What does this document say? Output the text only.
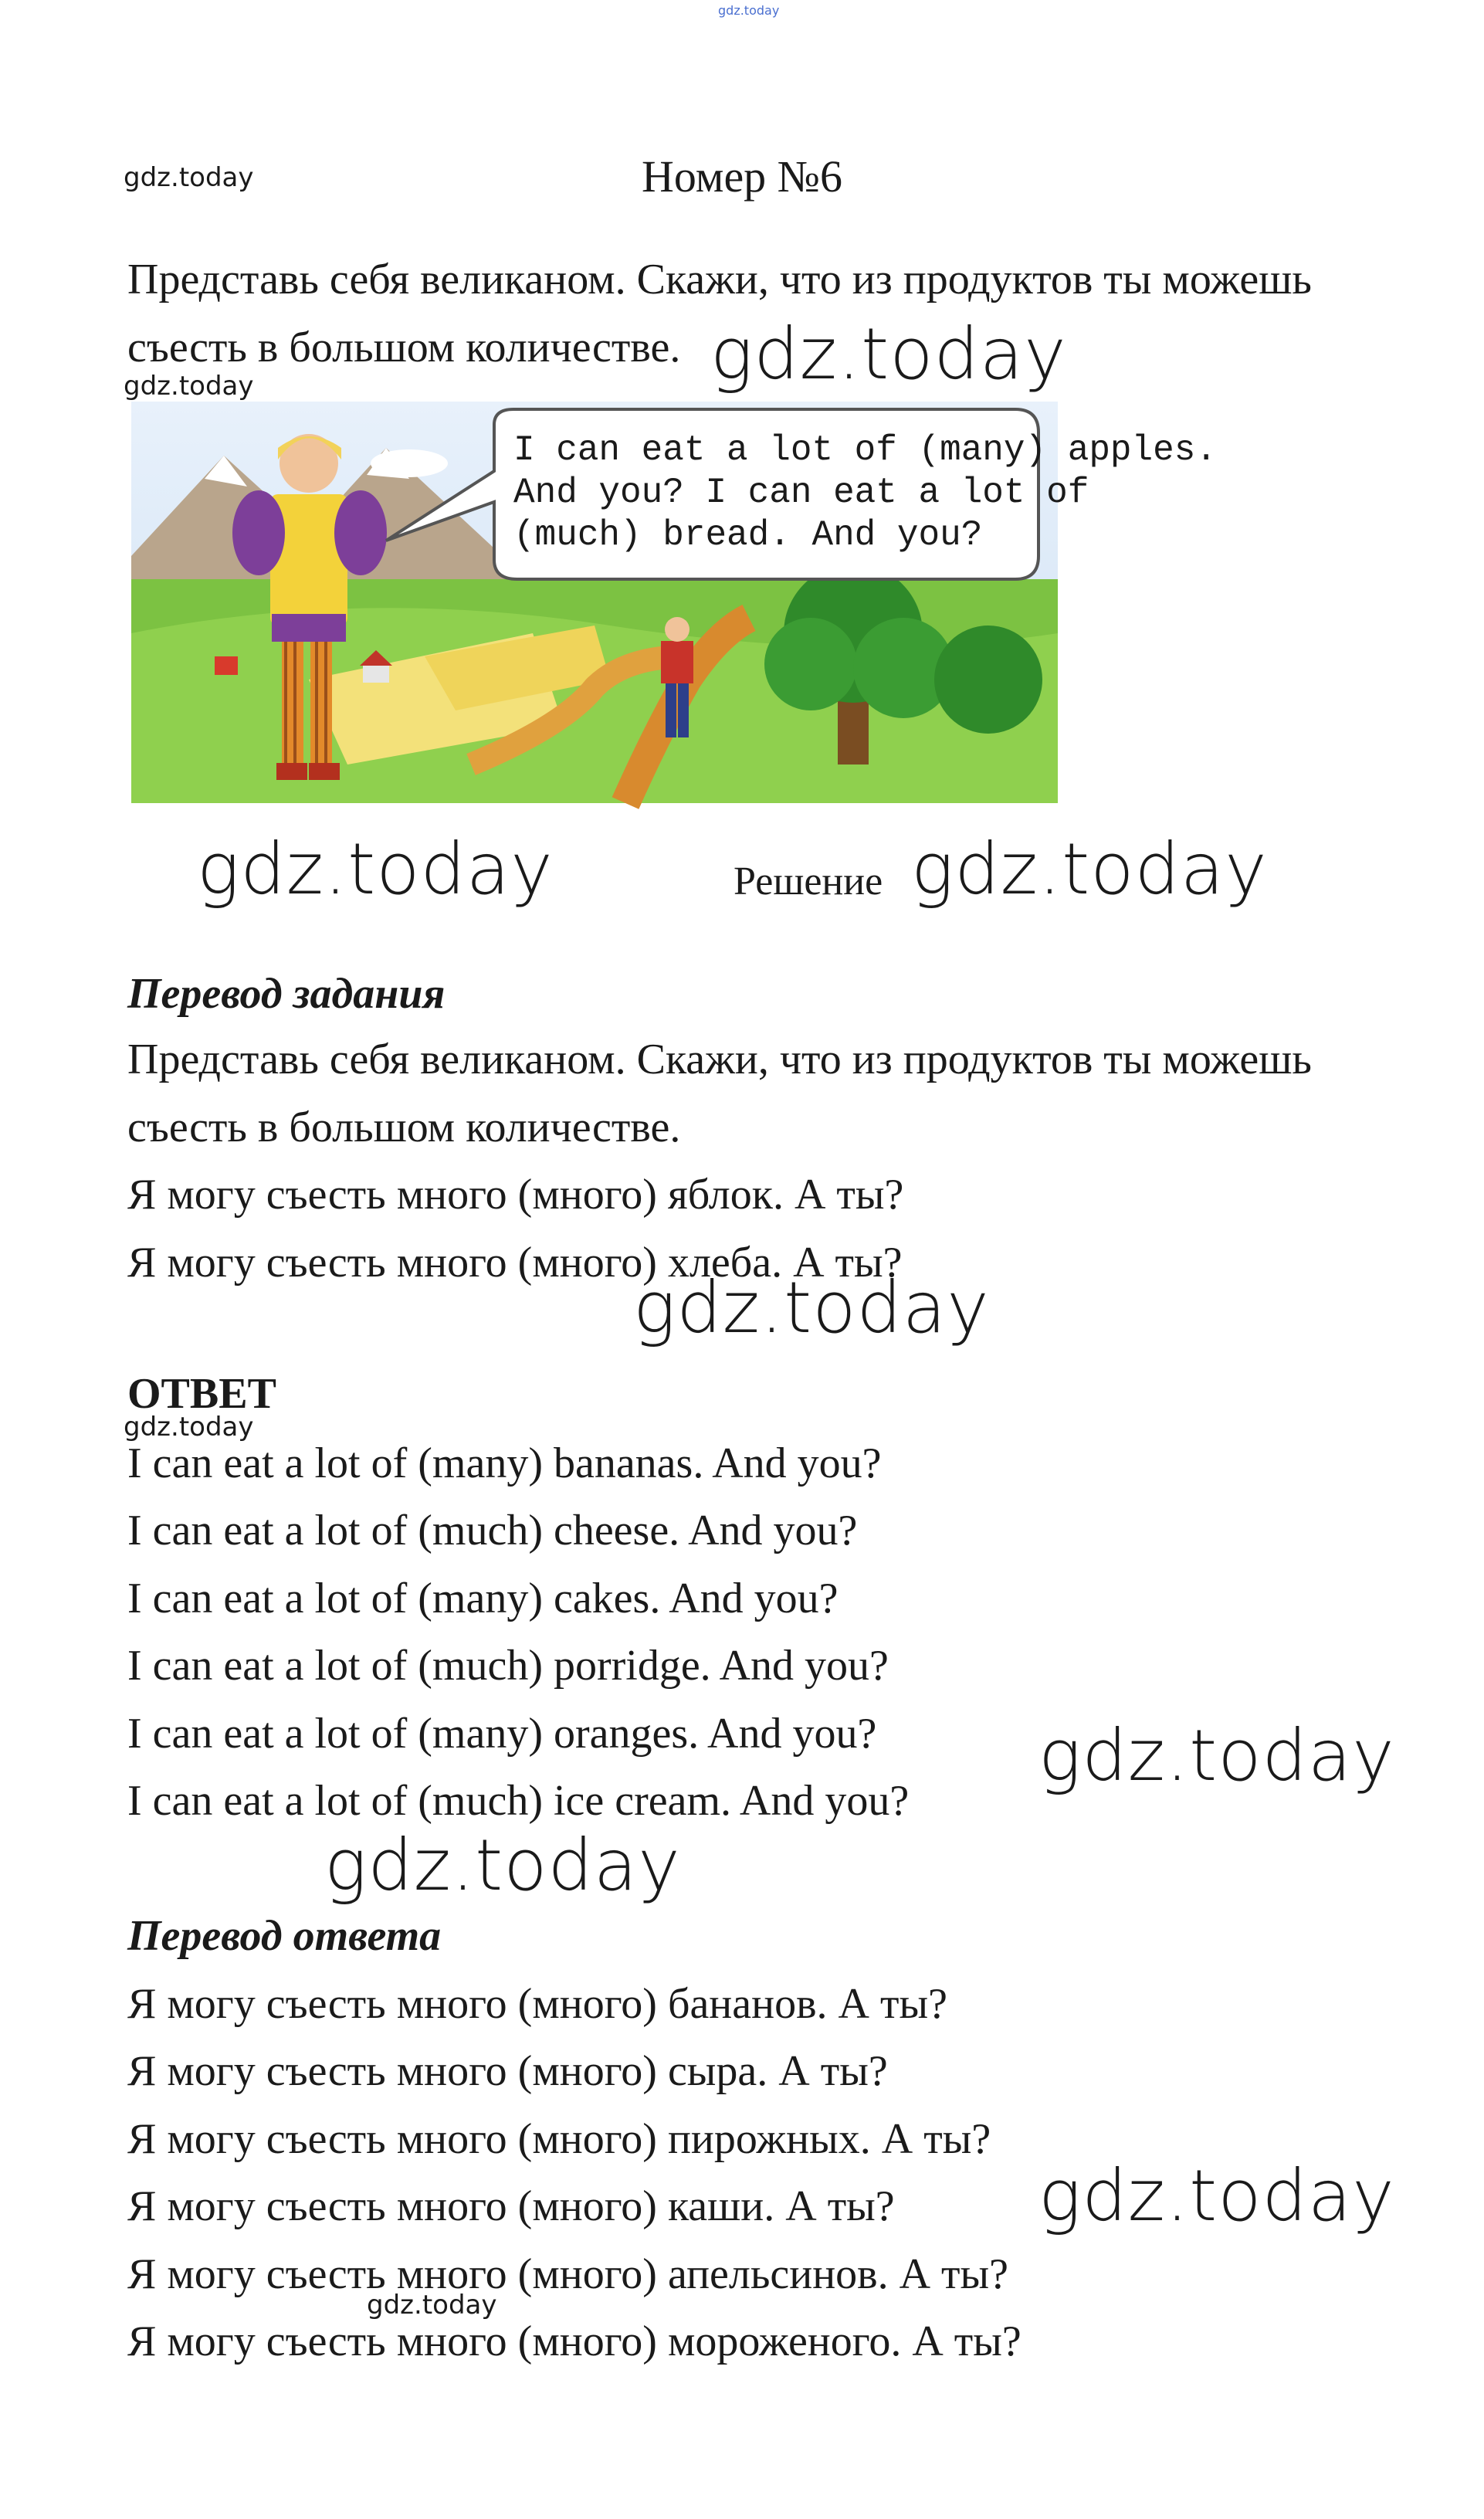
gdz.today
gdz.today
gdz.today
gdz.today
gdz.today	gdz.today
gdz.today
gdz.today
gdz.today
gdz.today
gdz.today
gdz.today
Номер №6
Представь себя великаном. Скажи, что из продуктов ты можешь
съесть в большом количестве.
I can eat a lot of (many) apples.
And you? I can eat a lot of
(much) bread. And you?
Решение
Перевод задания
Представь себя великаном. Скажи, что из продуктов ты можешь
съесть в большом количестве.
Я могу съесть много (много) яблок. А ты?
Я могу съесть много (много) хлеба. А ты?
ОТВЕТ
I can eat a lot of (many) bananas. And you?
I can eat a lot of (much) cheese. And you?
I can eat a lot of (many) cakes. And you?
I can eat a lot of (much) porridge. And you?
I can eat a lot of (many) oranges. And you?
I can eat a lot of (much) ice cream. And you?
Перевод ответа
Я могу съесть много (много) бананов. А ты?
Я могу съесть много (много) сыра. А ты?
Я могу съесть много (много) пирожных. А ты?
Я могу съесть много (много) каши. А ты?
Я могу съесть много (много) апельсинов. А ты?
Я могу съесть много (много) мороженого. А ты?
